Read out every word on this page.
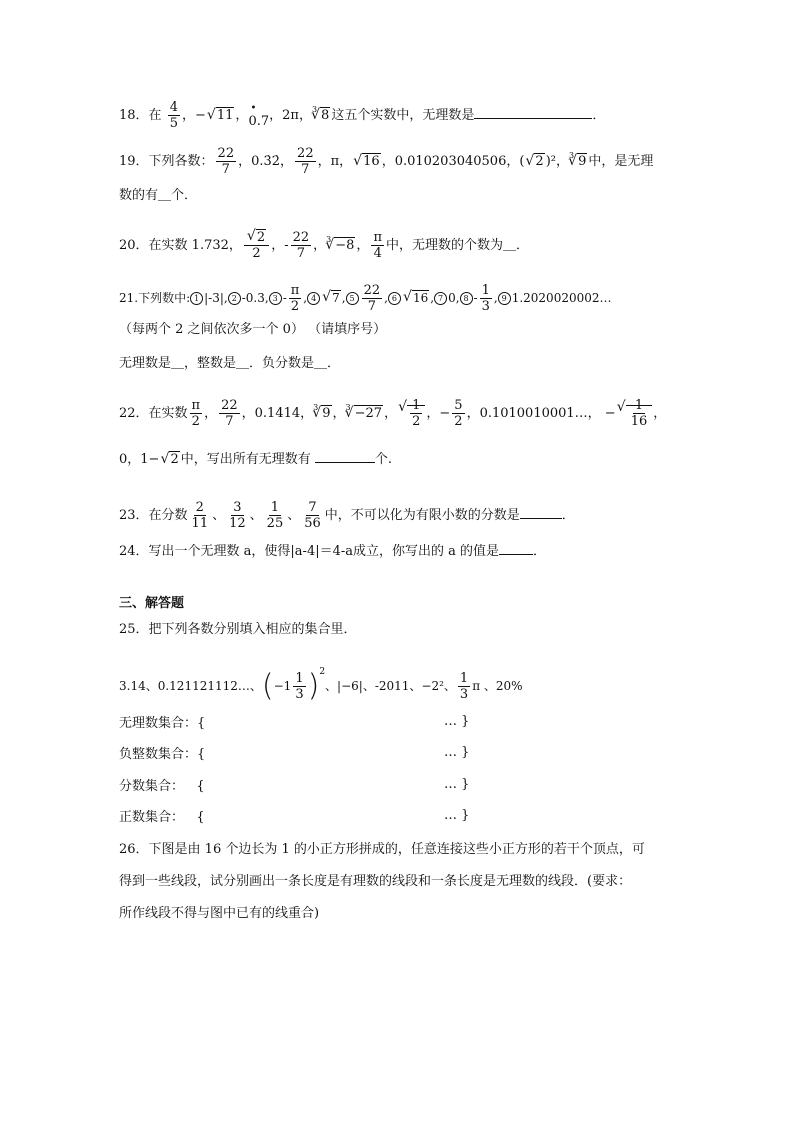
18．在 $\frac{4}{5}$ ，− √ 11 ，0.7 •，2π，$^3$ √ 8 这五个实数中，无理数是	．
19．下列各数： $\frac{22}{7}$ ，0.3̇2̇， $\frac{22}{7}$ ，π， √ 16 ，0.010203040506，( √ 2 )²，$^3$ √ 9 中，是无理
数的有＿个．
20．在实数 1.732， √ $\frac{2}{2}$ ，- $\frac{22}{7}$ ，$^3$ √ −8 ， $\frac{\pi}{4}$ 中，无理数的个数为＿．
21.下列数中: 1 |-3|, 2 -0.3, $3 - \frac{\pi}{2}$ , 4 √ 7 , $5 \frac{22}{7}$ , 6 √ 16 , 7 0, $8 - \frac{1}{3}$ , 9 1.2020020002…
（每两个 2 之间依次多一个 0） （请填序号）
无理数是＿，整数是＿．负分数是＿．
22．在实数 $\frac{\pi}{2}$ ， $\frac{22}{7}$ ，0.1414，$^3$ √ 9 ，$^3$ √ −27 ， √ $\frac{1}{2}$ ，− $\frac{5}{2}$ ，0.1010010001…， − √ $\frac{1}{16}$ ，
0，1− √ 2 中，写出所有无理数有	个.
23．在分数 $\frac{2}{11}$ 、 $\frac{3}{12}$ 、 $\frac{1}{25}$ 、 $\frac{7}{56}$ 中，不可以化为有限小数的分数是	．
24．写出一个无理数 a，使得|a-4|＝4-a成立，你写出的 a 的值是	．
三、解答题
25．把下列各数分别填入相应的集合里．
3.14、0.121121112…、$(-1 \frac{1}{3} )^2$、|−6|、-2011、−2²、 $\frac{1}{3}$ π 、20%
无理数集合：{	… }
负整数集合：{	… }
分数集合：   {	… }
正数集合：   {	… }
26．下图是由 16 个边长为 1 的小正方形拼成的，任意连接这些小正方形的若干个顶点，可
得到一些线段，试分别画出一条长度是有理数的线段和一条长度是无理数的线段．(要求：
所作线段不得与图中已有的线重合)
